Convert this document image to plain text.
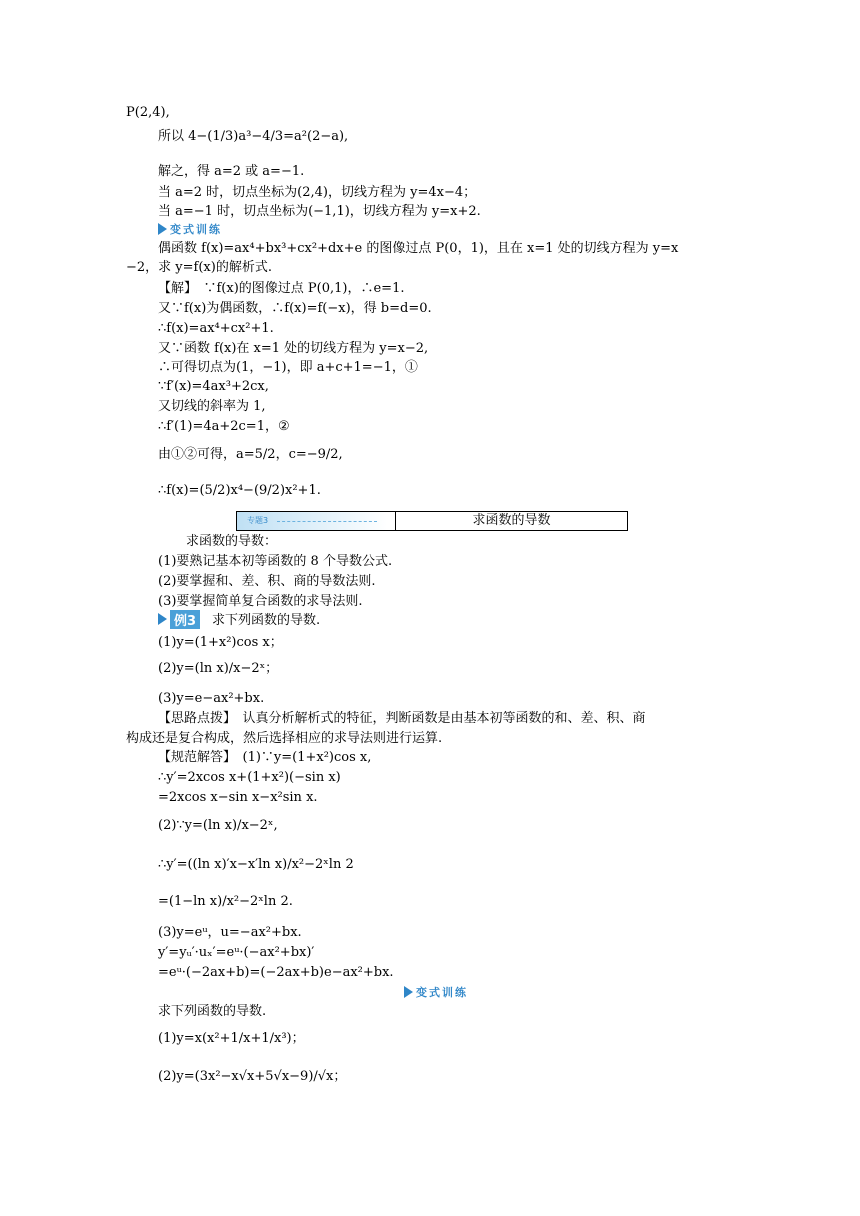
P(2,4),
所以 4−(1/3)a³−4/3=a²(2−a),
解之，得 a=2 或 a=−1.
当 a=2 时，切点坐标为(2,4)，切线方程为 y=4x−4；
当 a=−1 时，切点坐标为(−1,1)，切线方程为 y=x+2.
变式训练
偶函数 f(x)=ax⁴+bx³+cx²+dx+e 的图像过点 P(0，1)，且在 x=1 处的切线方程为 y=x
−2，求 y=f(x)的解析式.
【解】　∵f(x)的图像过点 P(0,1)，∴e=1.
又∵f(x)为偶函数，∴f(x)=f(−x)，得 b=d=0.
∴f(x)=ax⁴+cx²+1.
又∵函数 f(x)在 x=1 处的切线方程为 y=x−2,
∴可得切点为(1，−1)，即 a+c+1=−1，①
∵f′(x)=4ax³+2cx,
又切线的斜率为 1,
∴f′(1)=4a+2c=1，②
由①②可得，a=5/2，c=−9/2,
∴f(x)=(5/2)x⁴−(9/2)x²+1.
专题3	求函数的导数
求函数的导数：
(1)要熟记基本初等函数的 8 个导数公式.
(2)要掌握和、差、积、商的导数法则.
(3)要掌握简单复合函数的求导法则.
例3	求下列函数的导数.
(1)y=(1+x²)cos x；
(2)y=(ln x)/x−2ˣ；
(3)y=e−ax²+bx.
【思路点拨】　认真分析解析式的特征，判断函数是由基本初等函数的和、差、积、商
构成还是复合构成，然后选择相应的求导法则进行运算.
【规范解答】　(1)∵y=(1+x²)cos x,
∴y′=2xcos x+(1+x²)(−sin x)
=2xcos x−sin x−x²sin x.
(2)∵y=(ln x)/x−2ˣ,
∴y′=((ln x)′x−x′ln x)/x²−2ˣln 2
=(1−ln x)/x²−2ˣln 2.
(3)y=eᵘ，u=−ax²+bx.
y′=yᵤ′·uₓ′=eᵘ·(−ax²+bx)′
=eᵘ·(−2ax+b)=(−2ax+b)e−ax²+bx.
变式训练
求下列函数的导数.
(1)y=x(x²+1/x+1/x³)；
(2)y=(3x²−x√x+5√x−9)/√x；
